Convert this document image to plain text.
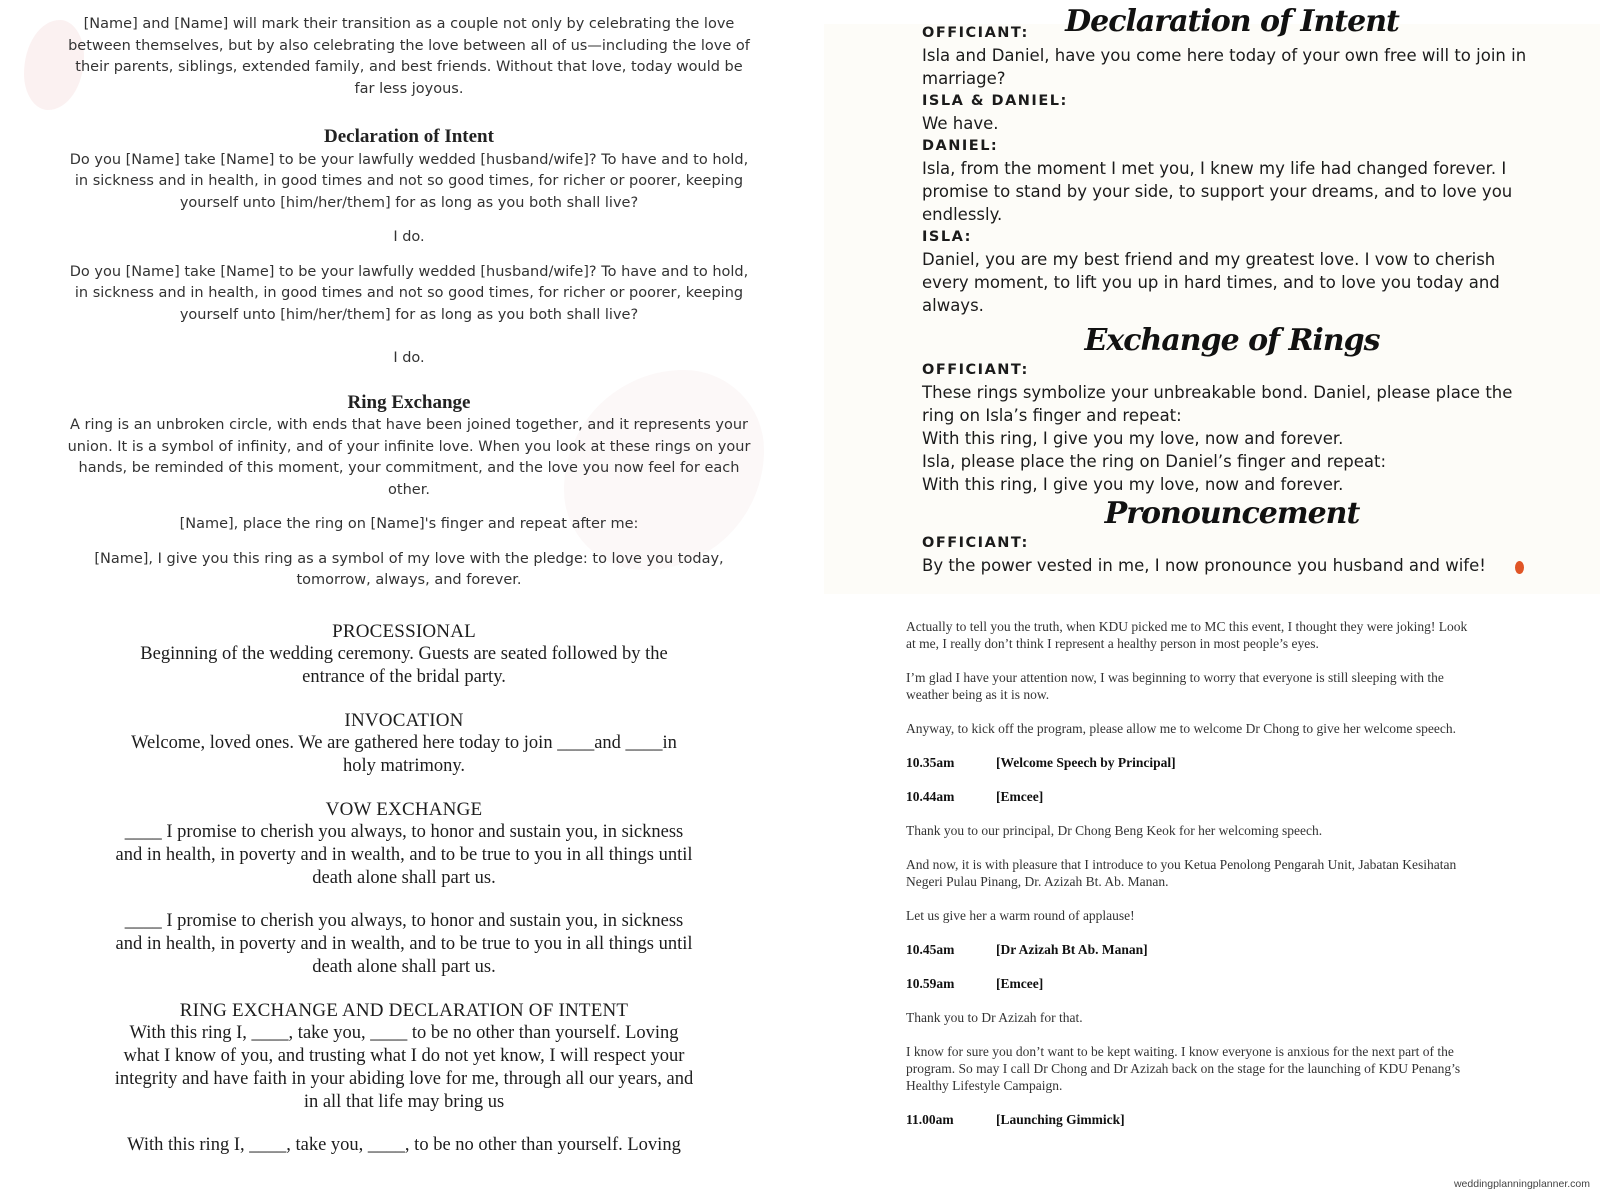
[Name] and [Name] will mark their transition as a couple not only by celebrating the love between themselves, but by also celebrating the love between all of us—including the love of their parents, siblings, extended family, and best friends. Without that love, today would be far less joyous.

Declaration of Intent

Do you [Name] take [Name] to be your lawfully wedded [husband/wife]? To have and to hold, in sickness and in health, in good times and not so good times, for richer or poorer, keeping yourself unto [him/her/them] for as long as you both shall live?

I do.

Do you [Name] take [Name] to be your lawfully wedded [husband/wife]? To have and to hold, in sickness and in health, in good times and not so good times, for richer or poorer, keeping yourself unto [him/her/them] for as long as you both shall live?

I do.

Ring Exchange

A ring is an unbroken circle, with ends that have been joined together, and it represents your union. It is a symbol of infinity, and of your infinite love. When you look at these rings on your hands, be reminded of this moment, your commitment, and the love you now feel for each other.

[Name], place the ring on [Name]'s finger and repeat after me:

[Name], I give you this ring as a symbol of my love with the pledge: to love you today, tomorrow, always, and forever.

Declaration of Intent
OFFICIANT:

Isla and Daniel, have you come here today of your own free will to join in marriage?

ISLA & DANIEL:

We have.

DANIEL:

Isla, from the moment I met you, I knew my life had changed forever. I promise to stand by your side, to support your dreams, and to love you endlessly.

ISLA:

Daniel, you are my best friend and my greatest love. I vow to cherish every moment, to lift you up in hard times, and to love you today and always.

Exchange of Rings
OFFICIANT:

These rings symbolize your unbreakable bond. Daniel, please place the ring on Isla’s finger and repeat:

With this ring, I give you my love, now and forever.

Isla, please place the ring on Daniel’s finger and repeat:

With this ring, I give you my love, now and forever.

Pronouncement
OFFICIANT:

By the power vested in me, I now pronounce you husband and wife!

PROCESSIONAL

Beginning of the wedding ceremony. Guests are seated followed by the entrance of the bridal party.

INVOCATION

Welcome, loved ones. We are gathered here today to join ____and ____in holy matrimony.

VOW EXCHANGE

____ I promise to cherish you always, to honor and sustain you, in sickness and in health, in poverty and in wealth, and to be true to you in all things until death alone shall part us.

____ I promise to cherish you always, to honor and sustain you, in sickness and in health, in poverty and in wealth, and to be true to you in all things until death alone shall part us.

RING EXCHANGE AND DECLARATION OF INTENT

With this ring I, ____, take you, ____ to be no other than yourself. Loving what I know of you, and trusting what I do not yet know, I will respect your integrity and have faith in your abiding love for me, through all our years, and in all that life may bring us

With this ring I, ____, take you, ____, to be no other than yourself. Loving

Actually to tell you the truth, when KDU picked me to MC this event, I thought they were joking! Look at me, I really don’t think I represent a healthy person in most people’s eyes.

I’m glad I have your attention now, I was beginning to worry that everyone is still sleeping with the weather being as it is now.

Anyway, to kick off the program, please allow me to welcome Dr Chong to give her welcome speech.

10.35am	[Welcome Speech by Principal]
10.44am	[Emcee]

Thank you to our principal, Dr Chong Beng Keok for her welcoming speech.

And now, it is with pleasure that I introduce to you Ketua Penolong Pengarah Unit, Jabatan Kesihatan Negeri Pulau Pinang, Dr. Azizah Bt. Ab. Manan.

Let us give her a warm round of applause!

10.45am	[Dr Azizah Bt Ab. Manan]
10.59am	[Emcee]

Thank you to Dr Azizah for that.

I know for sure you don’t want to be kept waiting. I know everyone is anxious for the next part of the program. So may I call Dr Chong and Dr Azizah back on the stage for the launching of KDU Penang’s Healthy Lifestyle Campaign.

11.00am	[Launching Gimmick]
weddingplanningplanner.com
